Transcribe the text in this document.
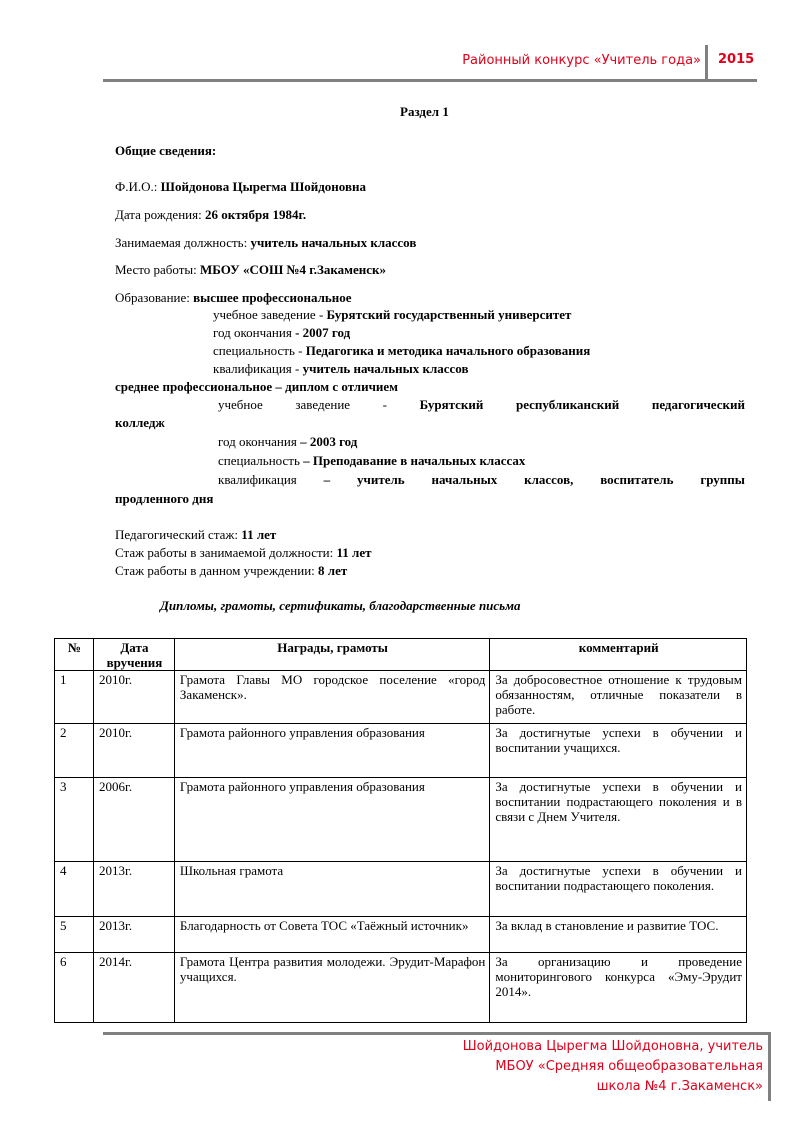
Районный конкурс «Учитель года» 2015
Раздел 1
Общие сведения:
Ф.И.О.: Шойдонова Цырегма Шойдоновна
Дата рождения: 26 октября 1984г.
Занимаемая должность: учитель начальных классов
Место работы: МБОУ «СОШ №4 г.Закаменск»
Образование: высшее профессиональное
учебное заведение - Бурятский государственный университет
год окончания - 2007 год
специальность - Педагогика и методика начального образования
квалификация - учитель начальных классов
среднее профессиональное – диплом с отличием
учебное	заведение	-	Бурятский	республиканский	педагогический
колледж
год окончания – 2003 год
специальность – Преподавание в начальных классах
квалификация – учитель начальных классов, воспитатель группы
продленного дня
Педагогический стаж: 11 лет
Стаж работы в занимаемой должности: 11 лет
Стаж работы в данном учреждении: 8 лет
Дипломы, грамоты, сертификаты, благодарственные письма
№	Дата вручения	Награды, грамоты	комментарий
1	2010г.	Грамота Главы МО городское поселение «город Закаменск».	За добросовестное отношение к трудовым обязанностям, отличные показатели в работе.
2	2010г.	Грамота районного управления образования	За достигнутые успехи в обучении и воспитании учащихся.
3	2006г.	Грамота районного управления образования	За достигнутые успехи в обучении и воспитании подрастающего поколения и в связи с Днем Учителя.
4	2013г.	Школьная грамота	За достигнутые успехи в обучении и воспитании подрастающего поколения.
5	2013г.	Благодарность от Совета ТОС «Таёжный источник»	За вклад в становление и развитие ТОС.
6	2014г.	Грамота Центра развития молодежи. Эрудит-Марафон учащихся.	За организацию и проведение мониторингового конкурса «Эму-Эрудит 2014».
Шойдонова Цырегма Шойдоновна, учитель
МБОУ «Средняя общеобразовательная
школа №4 г.Закаменск»
